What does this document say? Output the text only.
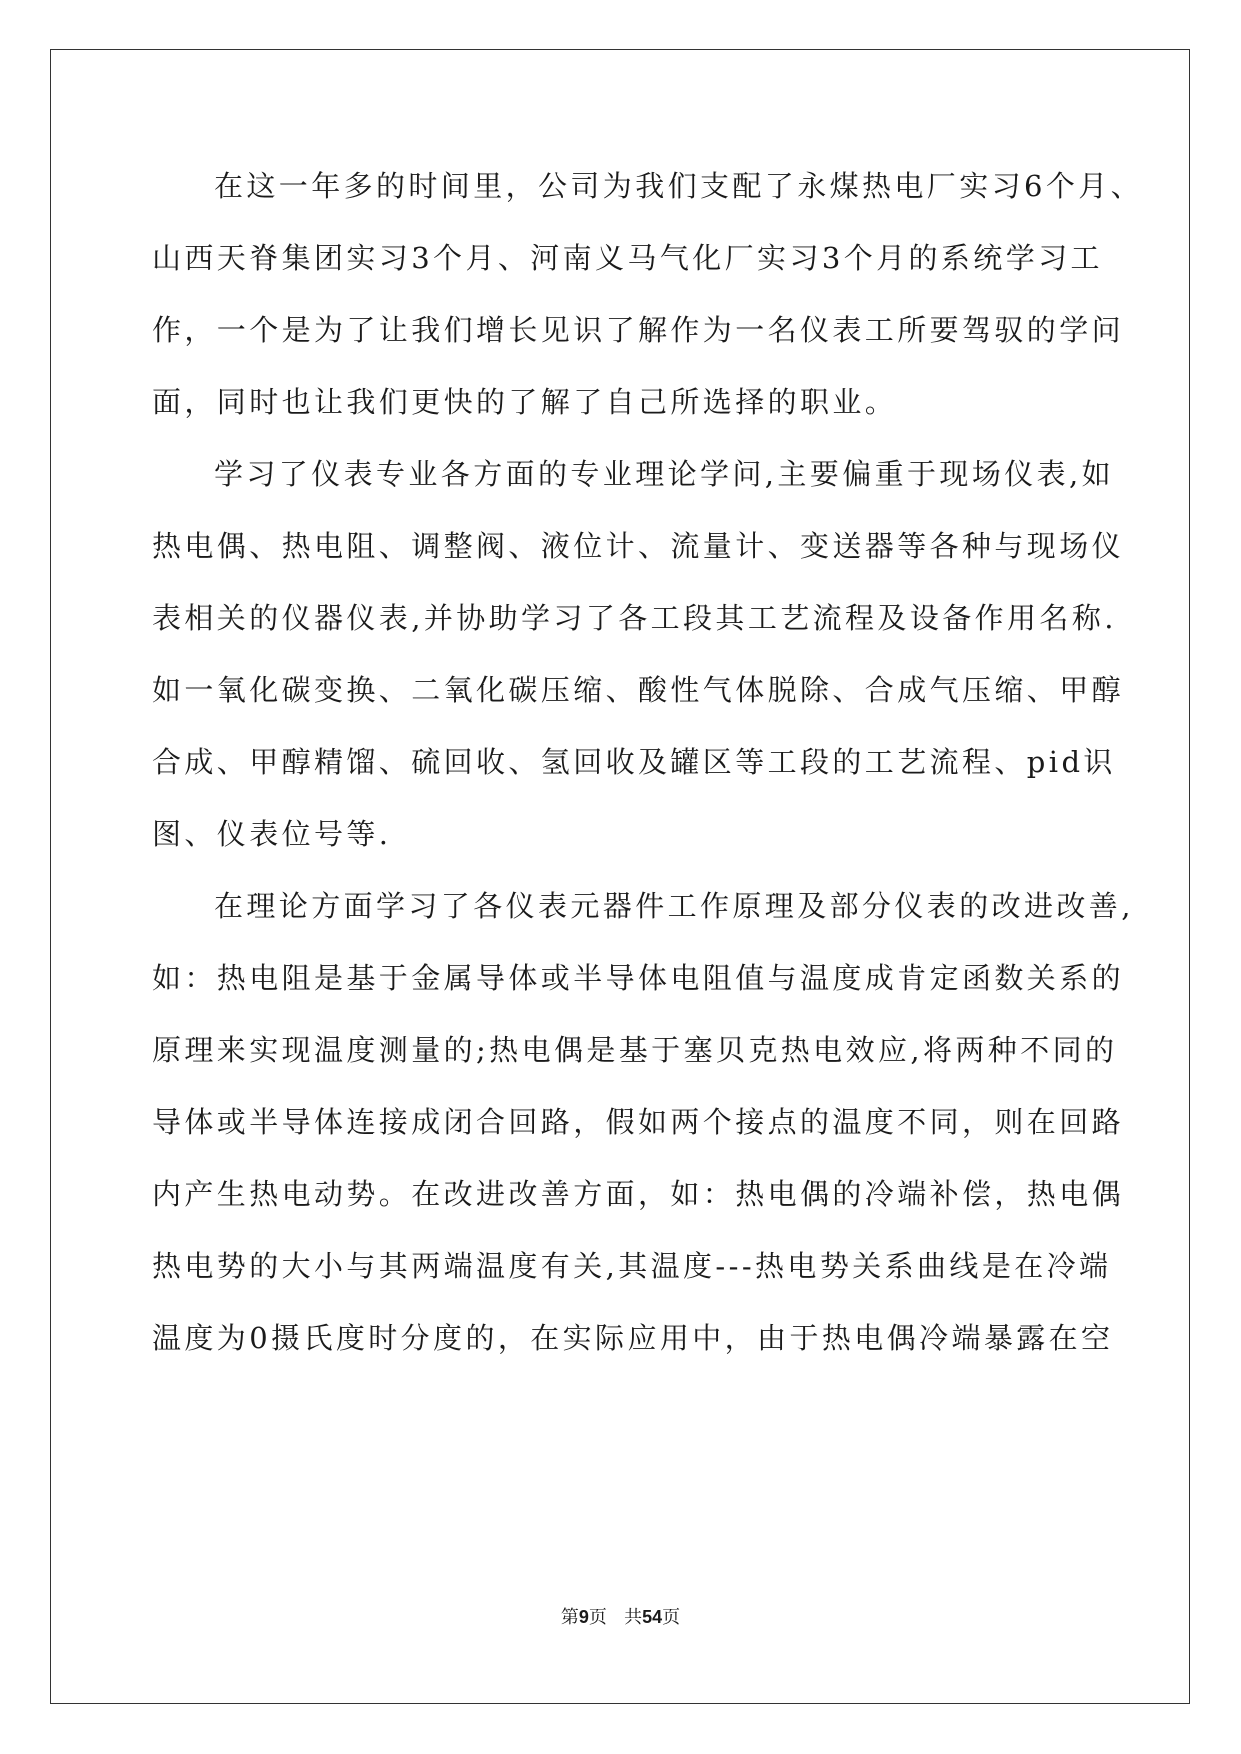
在这一年多的时间里，公司为我们支配了永煤热电厂实习6个月、
山西天脊集团实习3个月、河南义马气化厂实习3个月的系统学习工
作，一个是为了让我们增长见识了解作为一名仪表工所要驾驭的学问
面，同时也让我们更快的了解了自己所选择的职业。
学习了仪表专业各方面的专业理论学问,主要偏重于现场仪表,如
热电偶、热电阻、调整阀、液位计、流量计、变送器等各种与现场仪
表相关的仪器仪表,并协助学习了各工段其工艺流程及设备作用名称.
如一氧化碳变换、二氧化碳压缩、酸性气体脱除、合成气压缩、甲醇
合成、甲醇精馏、硫回收、氢回收及罐区等工段的工艺流程、pid识
图、仪表位号等.
在理论方面学习了各仪表元器件工作原理及部分仪表的改进改善,
如：热电阻是基于金属导体或半导体电阻值与温度成肯定函数关系的
原理来实现温度测量的;热电偶是基于塞贝克热电效应,将两种不同的
导体或半导体连接成闭合回路，假如两个接点的温度不同，则在回路
内产生热电动势。在改进改善方面，如：热电偶的冷端补偿，热电偶
热电势的大小与其两端温度有关,其温度---热电势关系曲线是在冷端
温度为0摄氏度时分度的，在实际应用中，由于热电偶冷端暴露在空
第9页 共54页
